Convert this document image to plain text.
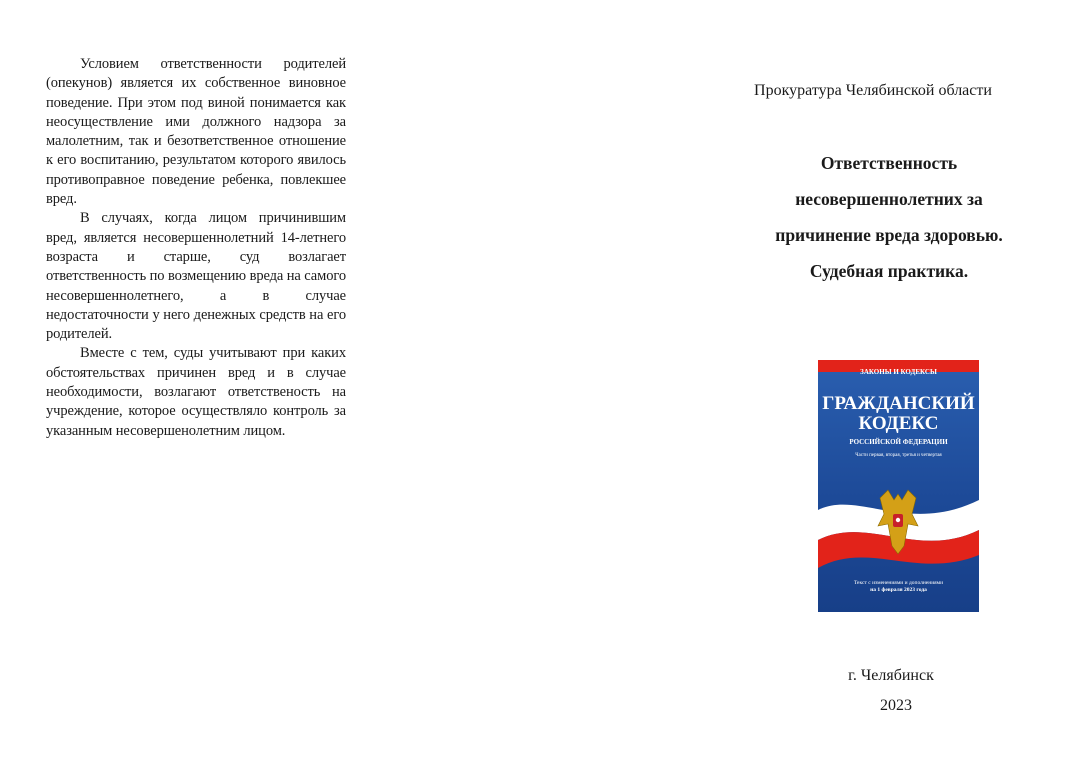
Условием ответственности родителей (опекунов) является их собственное виновное поведение. При этом под виной понимается как неосуществление ими должного надзора за малолетним, так и безответственное отношение к его воспитанию, результатом которого явилось противоправное поведение ребенка, повлекшее вред.

В случаях, когда лицом причинившим вред, является несовершеннолетний 14-летнего возраста и старше, суд возлагает ответственность по возмещению вреда на самого несовершеннолетнего, а в случае недостаточности у него денежных средств на его родителей.

Вместе с тем, суды учитывают при каких обстоятельствах причинен вред и в случае необходимости, возлагают ответственость на учреждение, которое осуществляло контроль за указанным несовершенолетним лицом.

Прокуратура Челябинской области
Ответственность
несовершеннолетних за
причинение вреда здоровью.
Судебная практика.
ЗАКОНЫ И КОДЕКСЫ
ГРАЖДАНСКИЙ
КОДЕКС
РОССИЙСКОЙ ФЕДЕРАЦИИ
Части первая, вторая, третья и четвертая
Текст с изменениями и дополнениями
на 1 февраля 2023 года
г. Челябинск
2023
